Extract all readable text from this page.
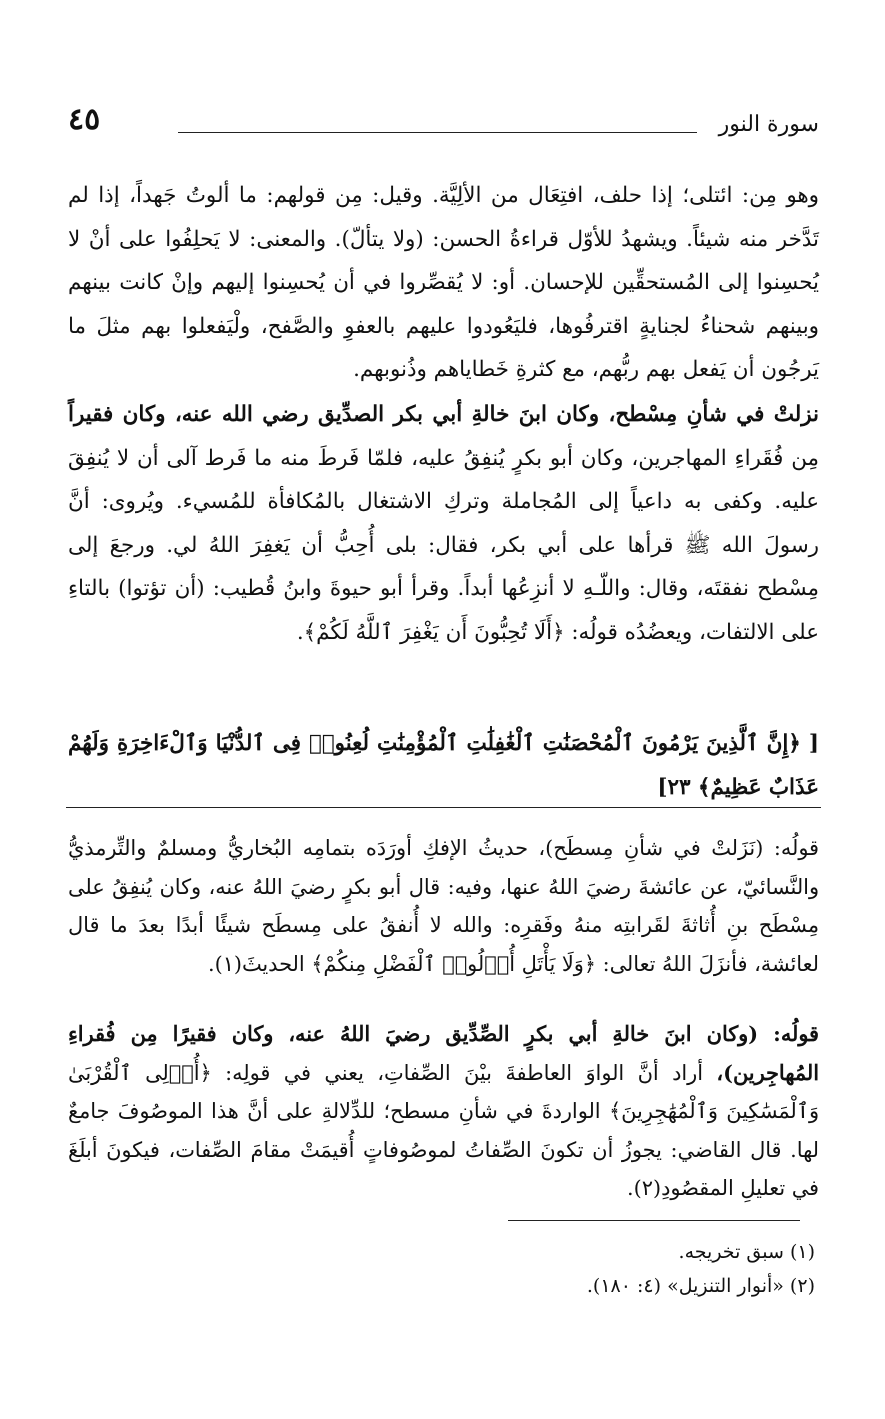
سورة النور
٤٥

وهو مِن: ائتلى؛ إذا حلف، افتِعَال من الألِيَّة. وقيل: مِن قولهم: ما ألوتُ جَهداً، إذا لم تَدَّخر منه شيئاً. ويشهدُ للأوّل قراءةُ الحسن: (ولا يتألّ). والمعنى: لا يَحلِفُوا على أنْ لا يُحسِنوا إلى المُستحقِّين للإحسان. أو: لا يُقصِّروا في أن يُحسِنوا إليهم وإنْ كانت بينهم وبينهم شحناءُ لجنايةٍ اقترفُوها، فليَعُودوا عليهم بالعفوِ والصَّفح، ولْيَفعلوا بهم مثلَ ما يَرجُون أن يَفعل بهم ربُّهم، مع كثرةِ خَطاياهم وذُنوبهم.

نزلتْ في شأنِ مِسْطح، وكان ابنَ خالةِ أبي بكر الصدِّيق رضي الله عنه، وكان فقيراً مِن فُقَراءِ المهاجرين، وكان أبو بكرٍ يُنفِقُ عليه، فلمّا فَرطَ منه ما فَرط آلى أن لا يُنفِقَ عليه. وكفى به داعياً إلى المُجاملة وتركِ الاشتغال بالمُكافأة للمُسيء. ويُروى: أنَّ رسولَ الله ﷺ قرأها على أبي بكر، فقال: بلى أُحِبُّ أن يَغفِرَ اللهُ لي. ورجعَ إلى مِسْطح نفقتَه، وقال: واللّـهِ لا أنزِعُها أبداً. وقرأ أبو حيوةَ وابنُ قُطيب: (أن تؤتوا) بالتاءِ على الالتفات، ويعضُدُه قولُه: ﴿أَلَا تُحِبُّونَ أَن يَغْفِرَ ٱللَّهُ لَكُمْ﴾.

[ ﴿إِنَّ ٱلَّذِينَ يَرْمُونَ ٱلْمُحْصَنَٰتِ ٱلْغَٰفِلَٰتِ ٱلْمُؤْمِنَٰتِ لُعِنُوا۟ فِى ٱلدُّنْيَا وَٱلْءَاخِرَةِ وَلَهُمْ عَذَابٌ عَظِيمٌ﴾ ٢٣]

قولُه: (نَزَلتْ في شأنِ مِسطَح)، حديثُ الإفكِ أورَدَه بتمامِه البُخاريُّ ومسلمٌ والتِّرمذيُّ والنَّسائيّ، عن عائشةَ رضيَ اللهُ عنها، وفيه: قال أبو بكرٍ رضيَ اللهُ عنه، وكان يُنفِقُ على مِسْطَح بنِ أُثاثةَ لقَرابتِه منهُ وفَقرِه: والله لا أُنفقُ على مِسطَح شيئًا أبدًا بعدَ ما قال لعائشة، فأنزَلَ اللهُ تعالى: ﴿وَلَا يَأْتَلِ أُو۟لُوا۟ ٱلْفَضْلِ مِنكُمْ﴾ الحديثَ(١).

قولُه: (وكان ابنَ خالةِ أبي بكرٍ الصِّدِّيق رضيَ اللهُ عنه، وكان فقيرًا مِن فُقراءِ المُهاجِرين)، أراد أنَّ الواوَ العاطفةَ بيْنَ الصِّفاتِ، يعني في قولِه: ﴿أُو۟لِى ٱلْقُرْبَىٰ وَٱلْمَسَٰكِينَ وَٱلْمُهَٰجِرِينَ﴾ الواردةَ في شأنِ مسطح؛ للدِّلالةِ على أنَّ هذا الموصُوفَ جامعٌ لها. قال القاضي: يجوزُ أن تكونَ الصِّفاتُ لموصُوفاتٍ أُقيمَتْ مقامَ الصِّفات، فيكونَ أبلَغَ في تعليلِ المقصُودِ(٢).

(١) سبق تخريجه.

(٢) «أنوار التنزيل» (٤: ١٨٠).
